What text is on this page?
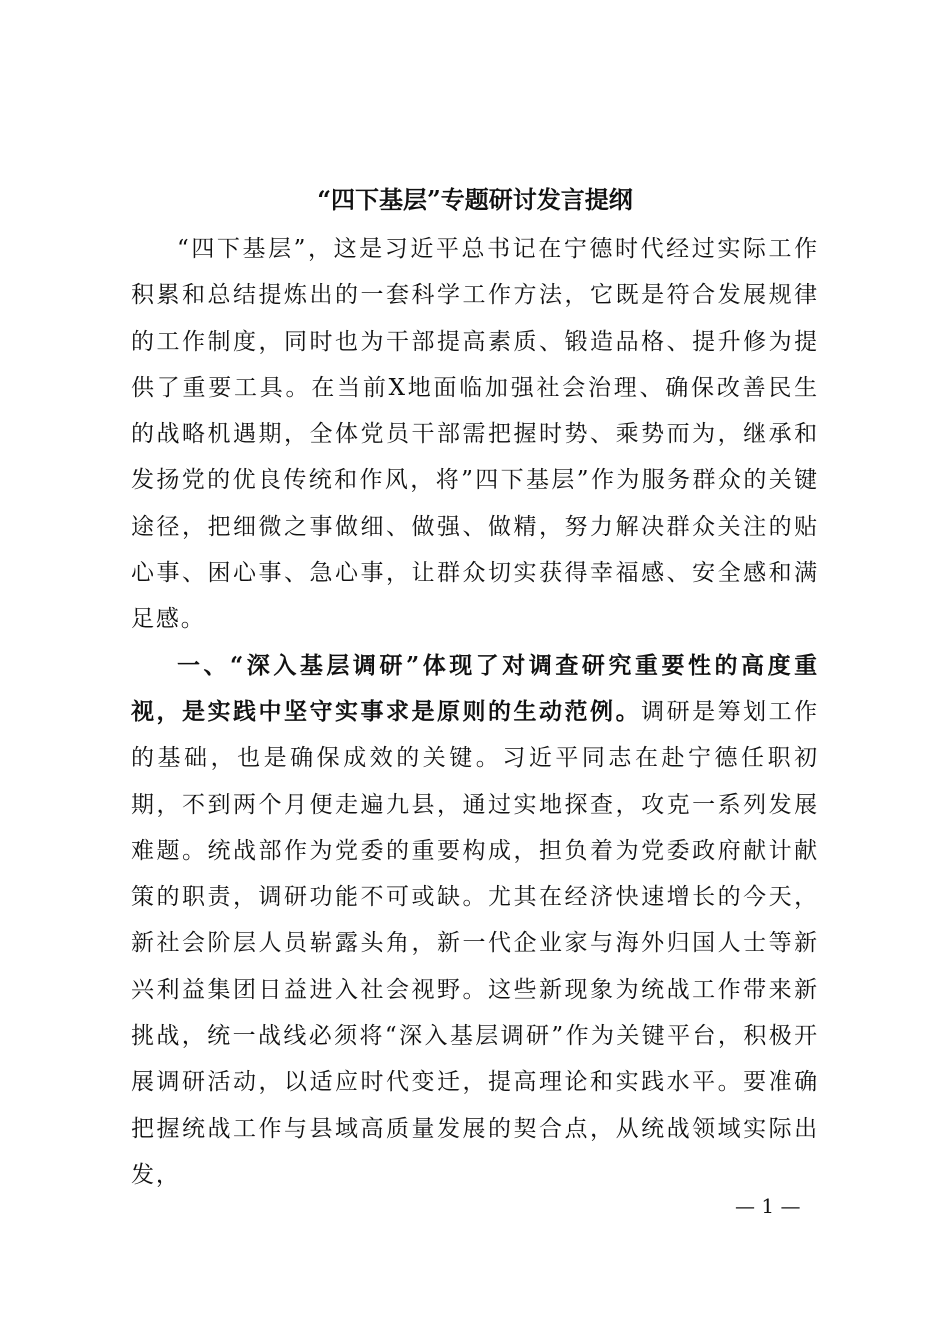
“四下基层”专题研讨发言提纲

“四下基层”，这是习近平总书记在宁德时代经过实际工作积累和总结提炼出的一套科学工作方法，它既是符合发展规律的工作制度，同时也为干部提高素质、锻造品格、提升修为提供了重要工具。在当前X地面临加强社会治理、确保改善民生的战略机遇期，全体党员干部需把握时势、乘势而为，继承和发扬党的优良传统和作风，将”四下基层”作为服务群众的关键途径，把细微之事做细、做强、做精，努力解决群众关注的贴心事、困心事、急心事，让群众切实获得幸福感、安全感和满足感。

一、“深入基层调研”体现了对调查研究重要性的高度重视，是实践中坚守实事求是原则的生动范例。调研是筹划工作的基础，也是确保成效的关键。习近平同志在赴宁德任职初期，不到两个月便走遍九县，通过实地探查，攻克一系列发展难题。统战部作为党委的重要构成，担负着为党委政府献计献策的职责，调研功能不可或缺。尤其在经济快速增长的今天，新社会阶层人员崭露头角，新一代企业家与海外归国人士等新兴利益集团日益进入社会视野。这些新现象为统战工作带来新挑战，统一战线必须将“深入基层调研”作为关键平台，积极开展调研活动，以适应时代变迁，提高理论和实践水平。要准确把握统战工作与县域高质量发展的契合点，从统战领域实际出发，

— 1 —
